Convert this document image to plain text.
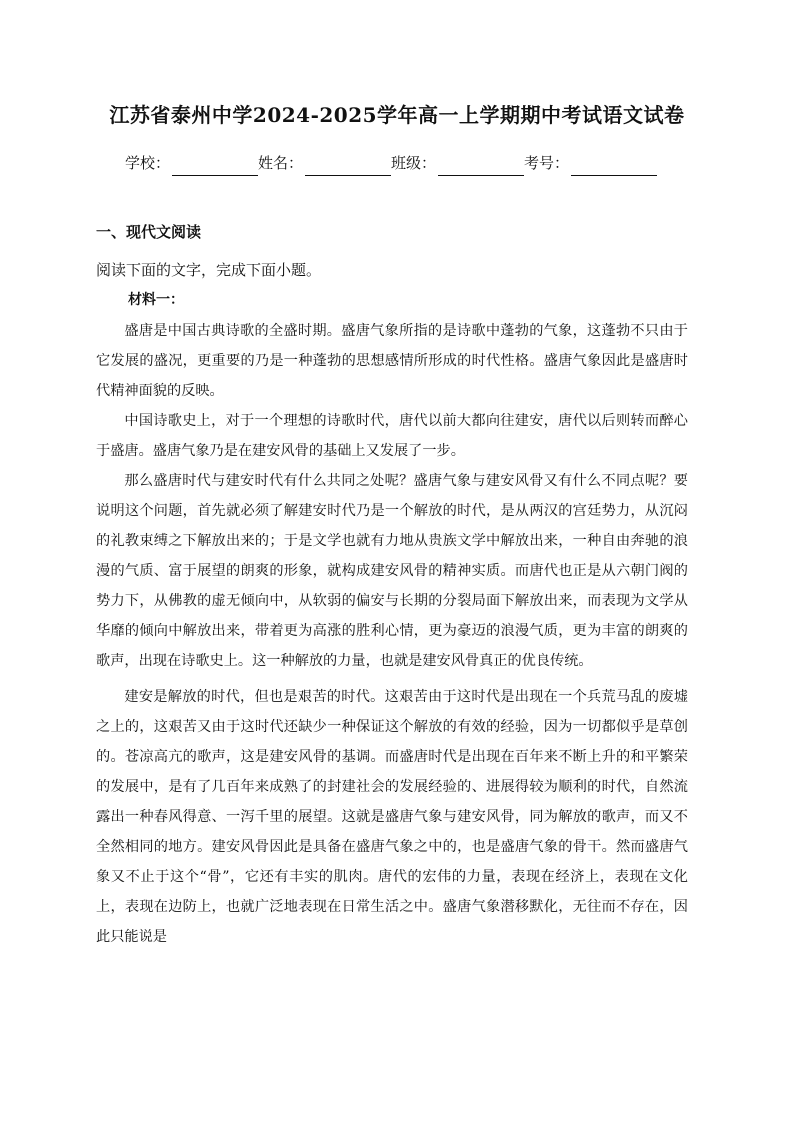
江苏省泰州中学2024-2025学年高一上学期期中考试语文试卷
学校：	姓名：	班级：	考号：
一、现代文阅读
阅读下面的文字，完成下面小题。
材料一：

盛唐是中国古典诗歌的全盛时期。盛唐气象所指的是诗歌中蓬勃的气象，这蓬勃不只由于它发展的盛况，更重要的乃是一种蓬勃的思想感情所形成的时代性格。盛唐气象因此是盛唐时代精神面貌的反映。

中国诗歌史上，对于一个理想的诗歌时代，唐代以前大都向往建安，唐代以后则转而醉心于盛唐。盛唐气象乃是在建安风骨的基础上又发展了一步。

那么盛唐时代与建安时代有什么共同之处呢？盛唐气象与建安风骨又有什么不同点呢？要说明这个问题，首先就必须了解建安时代乃是一个解放的时代，是从两汉的宫廷势力，从沉闷的礼教束缚之下解放出来的；于是文学也就有力地从贵族文学中解放出来，一种自由奔驰的浪漫的气质、富于展望的朗爽的形象，就构成建安风骨的精神实质。而唐代也正是从六朝门阀的势力下，从佛教的虚无倾向中，从软弱的偏安与长期的分裂局面下解放出来，而表现为文学从华靡的倾向中解放出来，带着更为高涨的胜利心情，更为豪迈的浪漫气质，更为丰富的朗爽的歌声，出现在诗歌史上。这一种解放的力量，也就是建安风骨真正的优良传统。

建安是解放的时代，但也是艰苦的时代。这艰苦由于这时代是出现在一个兵荒马乱的废墟之上的，这艰苦又由于这时代还缺少一种保证这个解放的有效的经验，因为一切都似乎是草创的。苍凉高亢的歌声，这是建安风骨的基调。而盛唐时代是出现在百年来不断上升的和平繁荣的发展中，是有了几百年来成熟了的封建社会的发展经验的、进展得较为顺利的时代，自然流露出一种春风得意、一泻千里的展望。这就是盛唐气象与建安风骨，同为解放的歌声，而又不全然相同的地方。建安风骨因此是具备在盛唐气象之中的，也是盛唐气象的骨干。然而盛唐气象又不止于这个“骨”，它还有丰实的肌肉。唐代的宏伟的力量，表现在经济上，表现在文化上，表现在边防上，也就广泛地表现在日常生活之中。盛唐气象潜移默化，无往而不存在，因此只能说是
